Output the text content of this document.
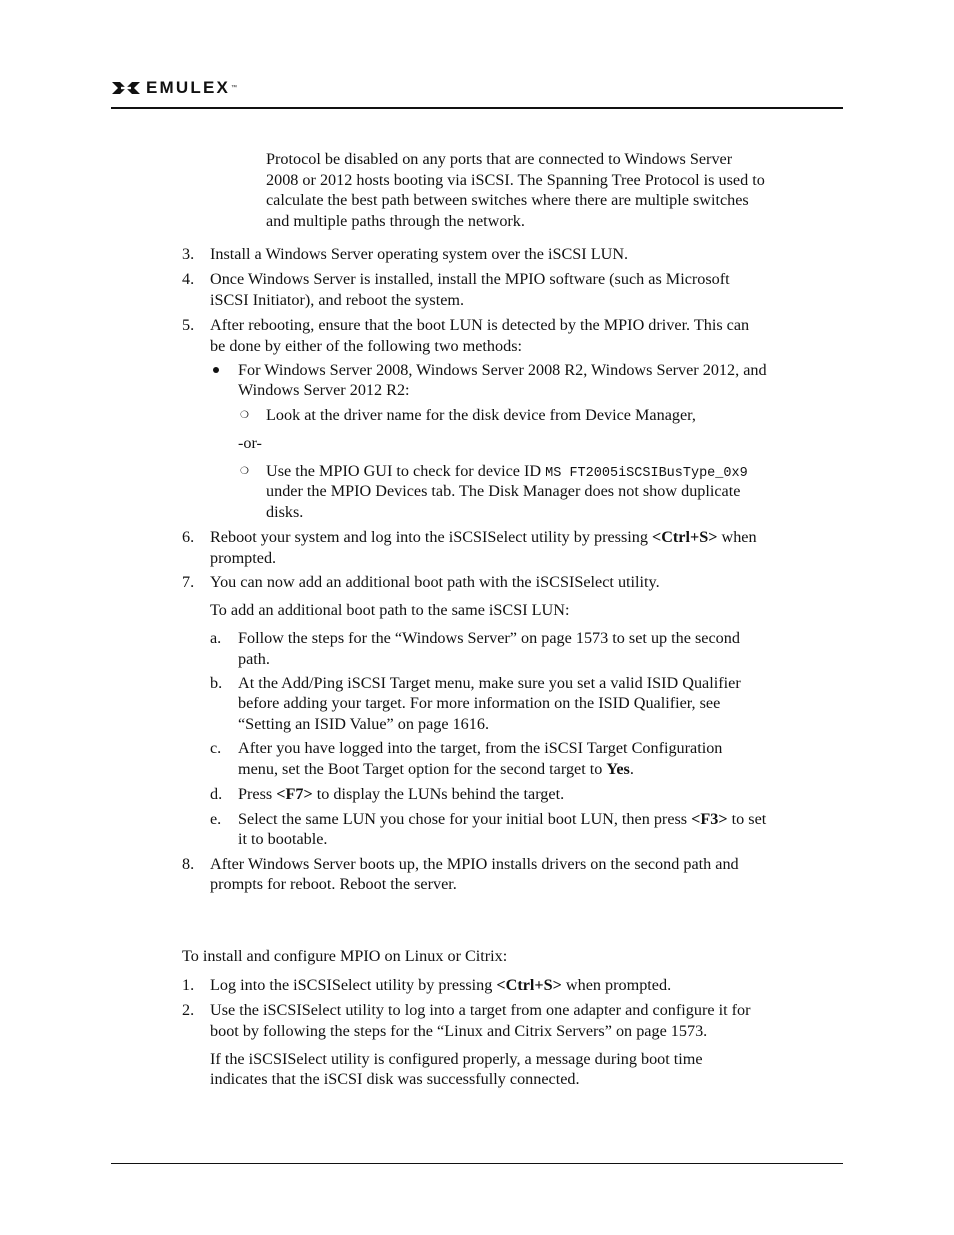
EMULEX ™
Protocol be disabled on any ports that are connected to Windows Server
2008 or 2012 hosts booting via iSCSI. The Spanning Tree Protocol is used to
calculate the best path between switches where there are multiple switches
and multiple paths through the network.
3. Install a Windows Server operating system over the iSCSI LUN.
4. Once Windows Server is installed, install the MPIO software (such as Microsoft
iSCSI Initiator), and reboot the system.
5. After rebooting, ensure that the boot LUN is detected by the MPIO driver. This can
be done by either of the following two methods:
For Windows Server 2008, Windows Server 2008 R2, Windows Server 2012, and
Windows Server 2012 R2:
❍ Look at the driver name for the disk device from Device Manager,
-or-
❍ Use the MPIO GUI to check for device ID MS FT2005iSCSIBusType_0x9
under the MPIO Devices tab. The Disk Manager does not show duplicate
disks.
6. Reboot your system and log into the iSCSISelect utility by pressing <Ctrl+S> when
prompted.
7. You can now add an additional boot path with the iSCSISelect utility.
To add an additional boot path to the same iSCSI LUN:
a. Follow the steps for the “Windows Server” on page 1573 to set up the second
path.
b. At the Add/Ping iSCSI Target menu, make sure you set a valid ISID Qualifier
before adding your target. For more information on the ISID Qualifier, see
“Setting an ISID Value” on page 1616.
c. After you have logged into the target, from the iSCSI Target Configuration
menu, set the Boot Target option for the second target to Yes.
d. Press <F7> to display the LUNs behind the target.
e. Select the same LUN you chose for your initial boot LUN, then press <F3> to set
it to bootable.
8. After Windows Server boots up, the MPIO installs drivers on the second path and
prompts for reboot. Reboot the server.
To install and configure MPIO on Linux or Citrix:
1. Log into the iSCSISelect utility by pressing <Ctrl+S> when prompted.
2. Use the iSCSISelect utility to log into a target from one adapter and configure it for
boot by following the steps for the “Linux and Citrix Servers” on page 1573.
If the iSCSISelect utility is configured properly, a message during boot time
indicates that the iSCSI disk was successfully connected.
